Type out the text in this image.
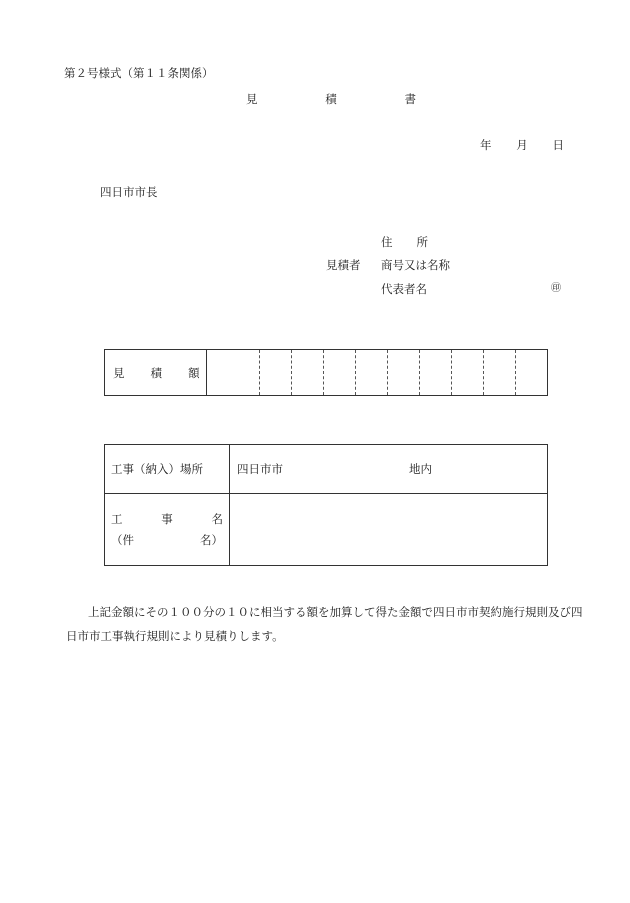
第２号様式（第１１条関係）
見	積	書
年 月 日
四日市市長
見積者
住 所
商号又は名称
代表者名	㊞
見 積 額

工事（納入）場所	四日市市 地内

工 事 名
（件 名）	

上記金額にその１００分の１０に相当する額を加算して得た金額で四日市市契約施行規則及び四日市市工事執行規則により見積りします。
